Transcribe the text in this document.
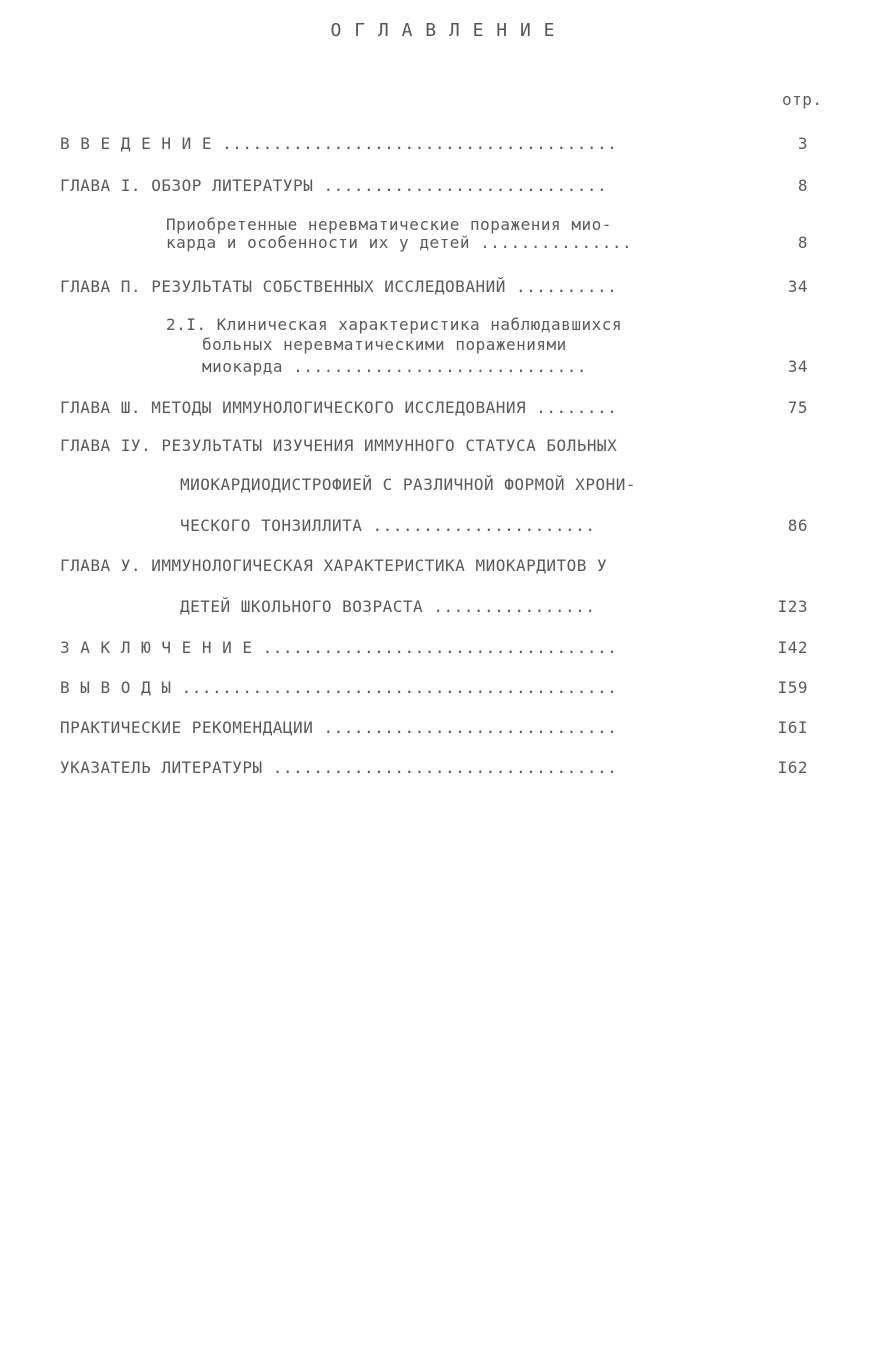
О Г Л А В Л Е Н И Е
отр.
В В Е Д Е Н И Е .......................................	3
ГЛАВА I. ОБЗОР ЛИТЕРАТУРЫ ............................	8
Приобретенные неревматические поражения мио-
карда и особенности их у детей ...............	8
ГЛАВА П. РЕЗУЛЬТАТЫ СОБСТВЕННЫХ ИССЛЕДОВАНИЙ ..........	34
2.I. Клиническая характеристика наблюдавшихся
больных неревматическими поражениями
миокарда .............................	34
ГЛАВА Ш. МЕТОДЫ ИММУНОЛОГИЧЕСКОГО ИССЛЕДОВАНИЯ ........	75
ГЛАВА IУ. РЕЗУЛЬТАТЫ ИЗУЧЕНИЯ ИММУННОГО СТАТУСА БОЛЬНЫХ
МИОКАРДИОДИСТРОФИЕЙ С РАЗЛИЧНОЙ ФОРМОЙ ХРОНИ-
ЧЕСКОГО ТОНЗИЛЛИТА ......................	86
ГЛАВА У. ИММУНОЛОГИЧЕСКАЯ ХАРАКТЕРИСТИКА МИОКАРДИТОВ У
ДЕТЕЙ ШКОЛЬНОГО ВОЗРАСТА ................	I23
З А К Л Ю Ч Е Н И Е ...................................	I42
В Ы В О Д Ы ...........................................	I59
ПРАКТИЧЕСКИЕ РЕКОМЕНДАЦИИ .............................	I6I
УКАЗАТЕЛЬ ЛИТЕРАТУРЫ ..................................	I62
